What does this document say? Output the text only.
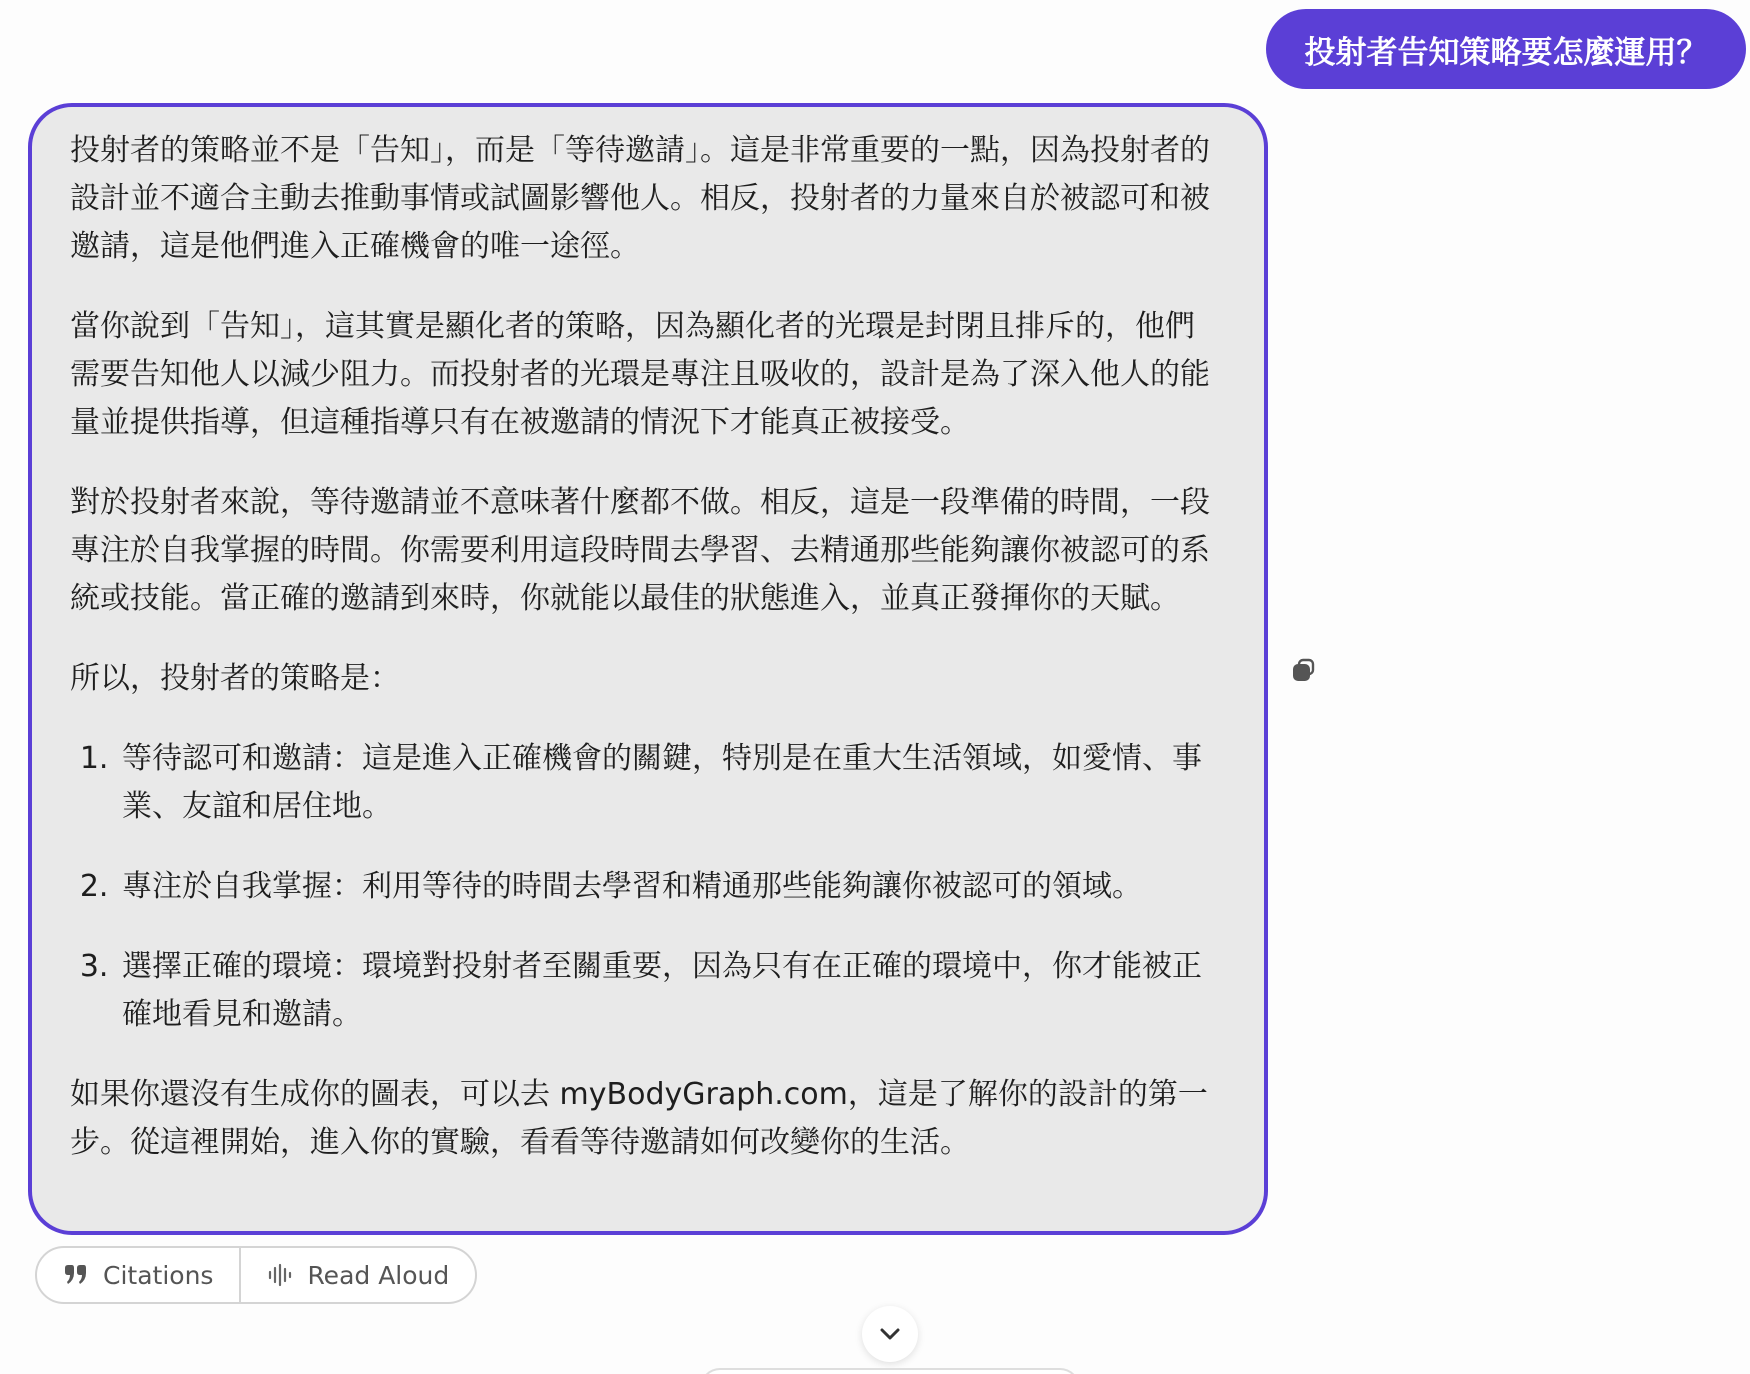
投射者告知策略要怎麼運用？

投射者的策略並不是「告知」，而是「等待邀請」。這是非常重要的一點，因為投射者的設計並不適合主動去推動事情或試圖影響他人。相反，投射者的力量來自於被認可和被邀請，這是他們進入正確機會的唯一途徑。

當你說到「告知」，這其實是顯化者的策略，因為顯化者的光環是封閉且排斥的，他們需要告知他人以減少阻力。而投射者的光環是專注且吸收的，設計是為了深入他人的能量並提供指導，但這種指導只有在被邀請的情況下才能真正被接受。

對於投射者來說，等待邀請並不意味著什麼都不做。相反，這是一段準備的時間，一段專注於自我掌握的時間。你需要利用這段時間去學習、去精通那些能夠讓你被認可的系統或技能。當正確的邀請到來時，你就能以最佳的狀態進入，並真正發揮你的天賦。

所以，投射者的策略是：

1. 等待認可和邀請：這是進入正確機會的關鍵，特別是在重大生活領域，如愛情、事業、友誼和居住地。
2. 專注於自我掌握：利用等待的時間去學習和精通那些能夠讓你被認可的領域。
3. 選擇正確的環境：環境對投射者至關重要，因為只有在正確的環境中，你才能被正確地看見和邀請。

如果你還沒有生成你的圖表，可以去 myBodyGraph.com，這是了解你的設計的第一步。從這裡開始，進入你的實驗，看看等待邀請如何改變你的生活。

Citations	Read Aloud
